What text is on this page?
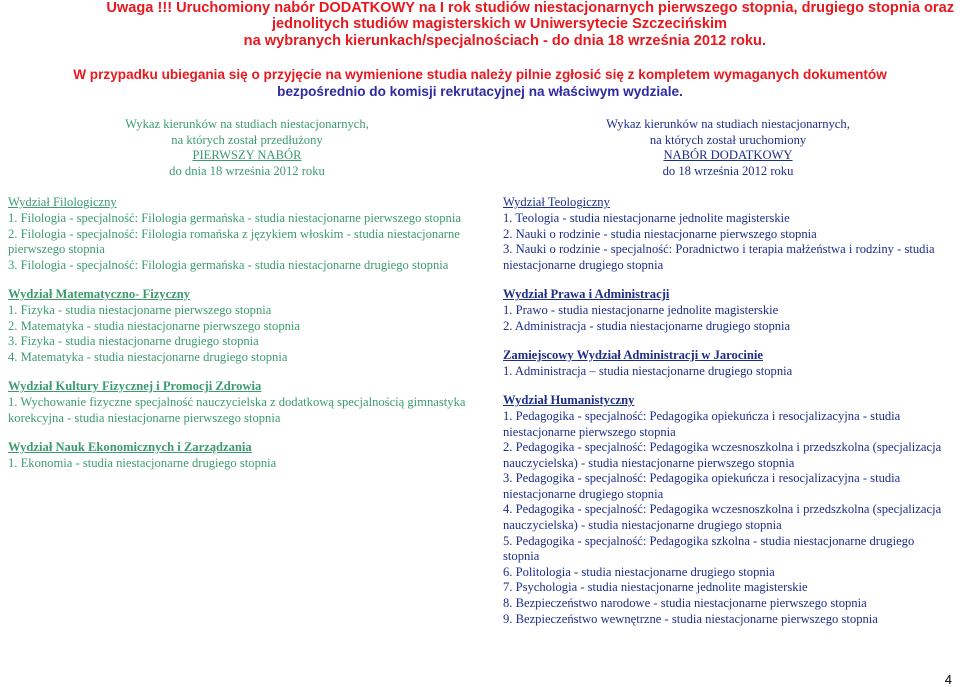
Uwaga !!! Uruchomiony nabór DODATKOWY na I rok studiów niestacjonarnych pierwszego stopnia, drugiego stopnia oraz
jednolitych studiów magisterskich w Uniwersytecie Szczecińskim
na wybranych kierunkach/specjalnościach - do dnia 18 września 2012 roku.
W przypadku ubiegania się o przyjęcie na wymienione studia należy pilnie zgłosić się z kompletem wymaganych dokumentów
bezpośrednio do komisji rekrutacyjnej na właściwym wydziale.
Wykaz kierunków na studiach niestacjonarnych,
na których został przedłużony
PIERWSZY NABÓR
do dnia 18 września 2012 roku
Wydział Filologiczny
1. Filologia - specjalność: Filologia germańska - studia niestacjonarne pierwszego stopnia
2. Filologia - specjalność: Filologia romańska z językiem włoskim - studia niestacjonarne pierwszego stopnia
3. Filologia - specjalność: Filologia germańska - studia niestacjonarne drugiego stopnia
Wydział Matematyczno- Fizyczny
1. Fizyka - studia niestacjonarne pierwszego stopnia
2. Matematyka - studia niestacjonarne pierwszego stopnia
3. Fizyka - studia niestacjonarne drugiego stopnia
4. Matematyka - studia niestacjonarne drugiego stopnia
Wydział Kultury Fizycznej i Promocji Zdrowia
1. Wychowanie fizyczne specjalność nauczycielska z dodatkową specjalnością gimnastyka korekcyjna - studia niestacjonarne pierwszego stopnia
Wydział Nauk Ekonomicznych i Zarządzania
1. Ekonomia - studia niestacjonarne drugiego stopnia
Wykaz kierunków na studiach niestacjonarnych,
na których został uruchomiony
NABÓR DODATKOWY
do 18 września 2012 roku
Wydział Teologiczny
1. Teologia - studia niestacjonarne jednolite magisterskie
2. Nauki o rodzinie - studia niestacjonarne pierwszego stopnia
3. Nauki o rodzinie - specjalność: Poradnictwo i terapia małżeństwa i rodziny - studia niestacjonarne drugiego stopnia
Wydział Prawa i Administracji
1. Prawo - studia niestacjonarne jednolite magisterskie
2. Administracja - studia niestacjonarne drugiego stopnia
Zamiejscowy Wydział Administracji w Jarocinie
1. Administracja – studia niestacjonarne drugiego stopnia
Wydział Humanistyczny
1. Pedagogika - specjalność: Pedagogika opiekuńcza i resocjalizacyjna - studia niestacjonarne pierwszego stopnia
2. Pedagogika - specjalność: Pedagogika wczesnoszkolna i przedszkolna (specjalizacja nauczycielska) - studia niestacjonarne pierwszego stopnia
3. Pedagogika - specjalność: Pedagogika opiekuńcza i resocjalizacyjna - studia niestacjonarne drugiego stopnia
4. Pedagogika - specjalność: Pedagogika wczesnoszkolna i przedszkolna (specjalizacja nauczycielska) - studia niestacjonarne drugiego stopnia
5. Pedagogika - specjalność: Pedagogika szkolna - studia niestacjonarne drugiego stopnia
6. Politologia - studia niestacjonarne drugiego stopnia
7. Psychologia - studia niestacjonarne jednolite magisterskie
8. Bezpieczeństwo narodowe - studia niestacjonarne pierwszego stopnia
9. Bezpieczeństwo wewnętrzne - studia niestacjonarne pierwszego stopnia
4
